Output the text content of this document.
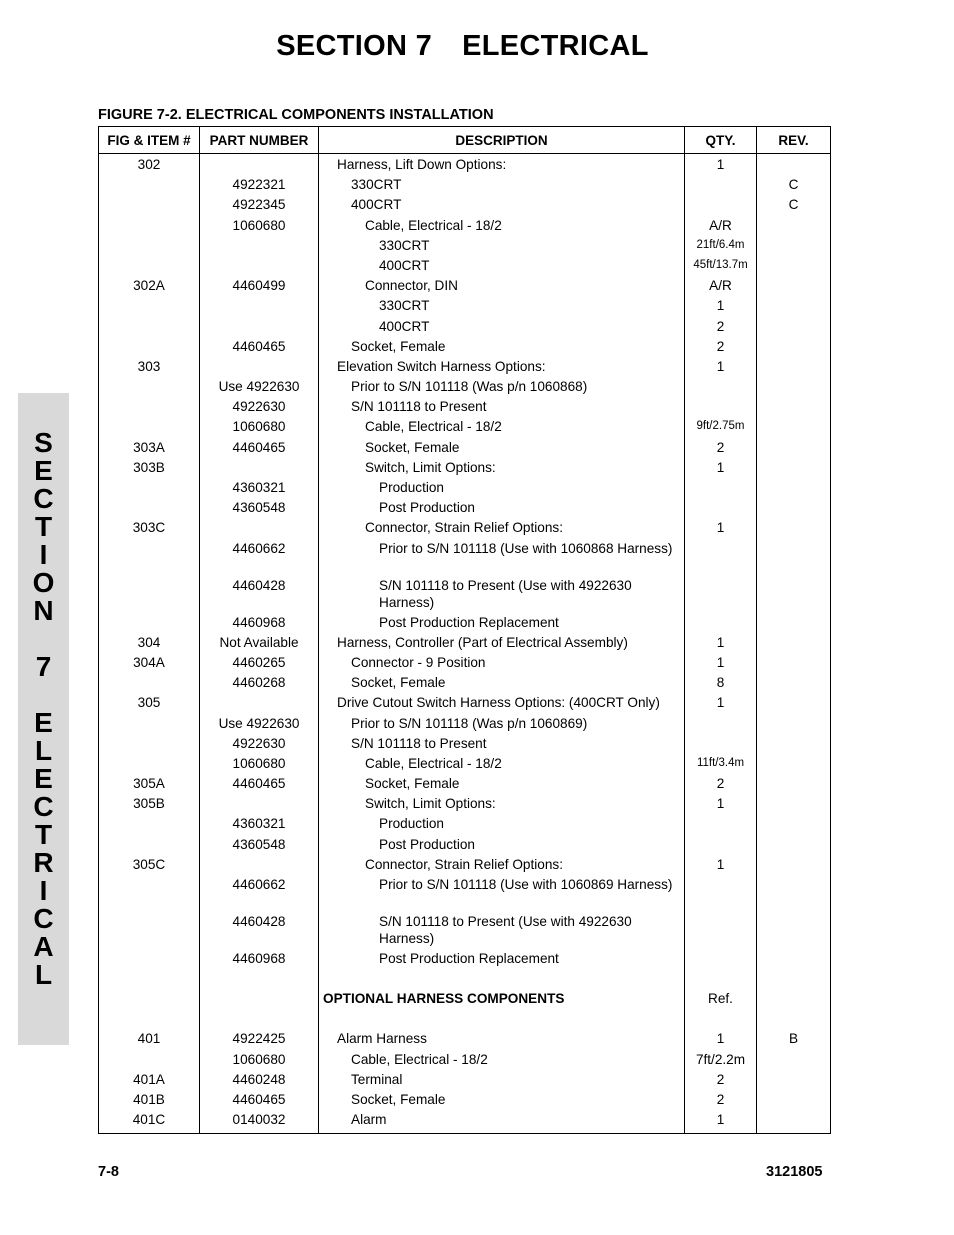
SECTION 7 ELECTRICAL
FIGURE 7-2. ELECTRICAL COMPONENTS INSTALLATION
S
E
C
T
I
O
N
7
E
L
E
C
T
R
I
C
A
L
FIG & ITEM #	PART NUMBER	DESCRIPTION	QTY.	REV.
302		Harness, Lift Down Options:	1	
	4922321	330CRT		C
	4922345	400CRT		C
	1060680	Cable, Electrical - 18/2	A/R	
		330CRT	21ft/6.4m	
		400CRT	45ft/13.7m	
302A	4460499	Connector, DIN	A/R	
		330CRT	1	
		400CRT	2	
	4460465	Socket, Female	2	
303		Elevation Switch Harness Options:	1	
	Use 4922630	Prior to S/N 101118 (Was p/n 1060868)		
	4922630	S/N 101118 to Present		
	1060680	Cable, Electrical - 18/2	9ft/2.75m	
303A	4460465	Socket, Female	2	
303B		Switch, Limit Options:	1	
	4360321	Production		
	4360548	Post Production		
303C		Connector, Strain Relief Options:	1	
	4460662	Prior to S/N 101118 (Use with 1060868 Harness)		
	4460428	S/N 101118 to Present (Use with 4922630 Harness)		
	4460968	Post Production Replacement		
304	Not Available	Harness, Controller (Part of Electrical Assembly)	1	
304A	4460265	Connector - 9 Position	1	
	4460268	Socket, Female	8	
305		Drive Cutout Switch Harness Options: (400CRT Only)	1	
	Use 4922630	Prior to S/N 101118 (Was p/n 1060869)		
	4922630	S/N 101118 to Present		
	1060680	Cable, Electrical - 18/2	11ft/3.4m	
305A	4460465	Socket, Female	2	
305B		Switch, Limit Options:	1	
	4360321	Production		
	4360548	Post Production		
305C		Connector, Strain Relief Options:	1	
	4460662	Prior to S/N 101118 (Use with 1060869 Harness)		
	4460428	S/N 101118 to Present (Use with 4922630 Harness)		
	4460968	Post Production Replacement		

		OPTIONAL HARNESS COMPONENTS	Ref.	

401	4922425	Alarm Harness	1	B
	1060680	Cable, Electrical - 18/2	7ft/2.2m	
401A	4460248	Terminal	2	
401B	4460465	Socket, Female	2	
401C	0140032	Alarm	1	
7-8	3121805
